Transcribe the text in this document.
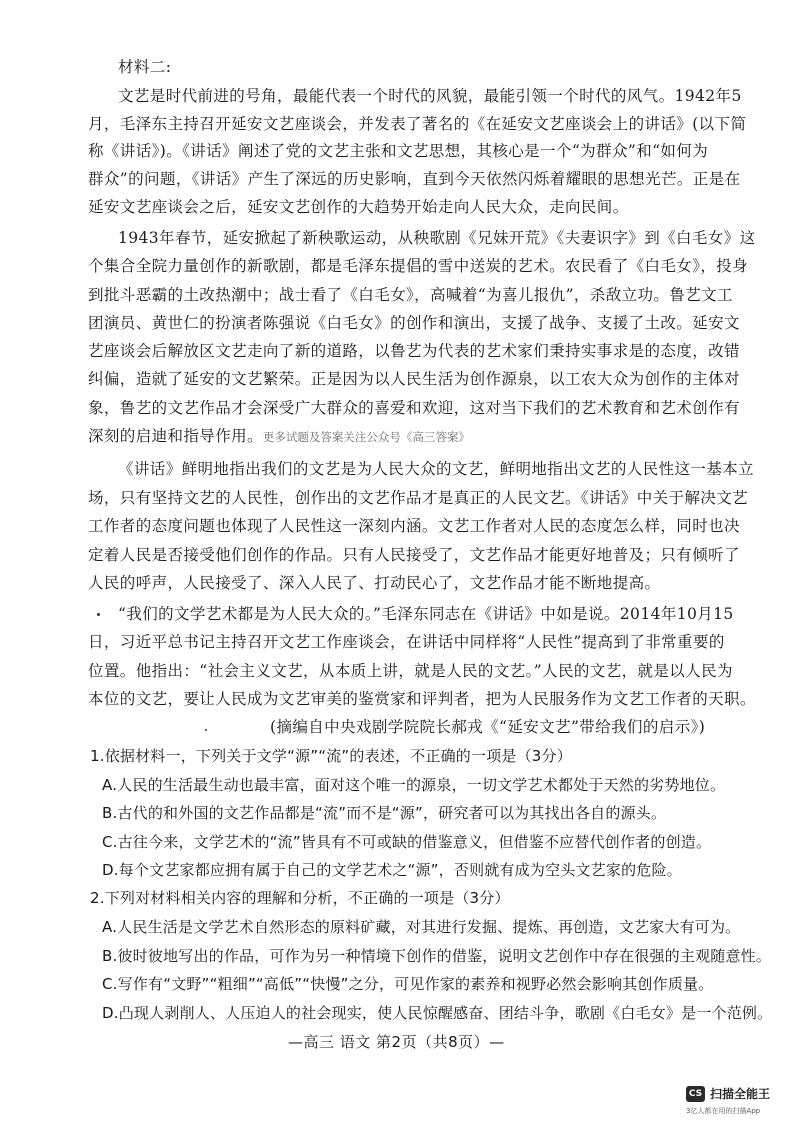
材料二:
文艺是时代前进的号角，最能代表一个时代的风貌，最能引领一个时代的风气。1942年5
月，毛泽东主持召开延安文艺座谈会，并发表了著名的《在延安文艺座谈会上的讲话》(以下简
称《讲话》)。《讲话》阐述了党的文艺主张和文艺思想，其核心是一个“为群众”和“如何为
群众”的问题，《讲话》产生了深远的历史影响，直到今天依然闪烁着耀眼的思想光芒。正是在
延安文艺座谈会之后，延安文艺创作的大趋势开始走向人民大众，走向民间。
1943年春节，延安掀起了新秧歌运动，从秧歌剧《兄妹开荒》《夫妻识字》到《白毛女》这
个集合全院力量创作的新歌剧，都是毛泽东提倡的雪中送炭的艺术。农民看了《白毛女》，投身
到批斗恶霸的土改热潮中；战士看了《白毛女》，高喊着“为喜儿报仇”，杀敌立功。鲁艺文工
团演员、黄世仁的扮演者陈强说《白毛女》的创作和演出，支援了战争、支援了土改。延安文
艺座谈会后解放区文艺走向了新的道路，以鲁艺为代表的艺术家们秉持实事求是的态度，改错
纠偏，造就了延安的文艺繁荣。正是因为以人民生活为创作源泉，以工农大众为创作的主体对
象，鲁艺的文艺作品才会深受广大群众的喜爱和欢迎，这对当下我们的艺术教育和艺术创作有
深刻的启迪和指导作用。更多试题及答案关注公众号《高三答案》
《讲话》鲜明地指出我们的文艺是为人民大众的文艺，鲜明地指出文艺的人民性这一基本立
场，只有坚持文艺的人民性，创作出的文艺作品才是真正的人民文艺。《讲话》中关于解决文艺
工作者的态度问题也体现了人民性这一深刻内涵。文艺工作者对人民的态度怎么样，同时也决
定着人民是否接受他们创作的作品。只有人民接受了，文艺作品才能更好地普及；只有倾听了
人民的呼声，人民接受了、深入人民了、打动民心了，文艺作品才能不断地提高。
“我们的文学艺术都是为人民大众的。”毛泽东同志在《讲话》中如是说。2014年10月15
日，习近平总书记主持召开文艺工作座谈会，在讲话中同样将“人民性”提高到了非常重要的
位置。他指出：“社会主义文艺，从本质上讲，就是人民的文艺。”人民的文艺，就是以人民为
本位的文艺，要让人民成为文艺审美的鉴赏家和评判者，把为人民服务作为文艺工作者的天职。
(摘编自中央戏剧学院院长郝戎《“延安文艺”带给我们的启示》)
1.依据材料一，下列关于文学“源”“流”的表述，不正确的一项是（3分）
A.人民的生活最生动也最丰富，面对这个唯一的源泉，一切文学艺术都处于天然的劣势地位。
B.古代的和外国的文艺作品都是“流”而不是“源”，研究者可以为其找出各自的源头。
C.古往今来，文学艺术的“流”皆具有不可或缺的借鉴意义，但借鉴不应替代创作者的创造。
D.每个文艺家都应拥有属于自己的文学艺术之“源”，否则就有成为空头文艺家的危险。
2.下列对材料相关内容的理解和分析，不正确的一项是（3分）
A.人民生活是文学艺术自然形态的原料矿藏，对其进行发掘、提炼、再创造，文艺家大有可为。
B.彼时彼地写出的作品，可作为另一种情境下创作的借鉴，说明文艺创作中存在很强的主观随意性。
C.写作有“文野”“粗细”“高低”“快慢”之分，可见作家的素养和视野必然会影响其创作质量。
D.凸现人剥削人、人压迫人的社会现实，使人民惊醒感奋、团结斗争，歌剧《白毛女》是一个范例。
—高三 语文 第2页（共8页）—
CS 扫描全能王
3亿人都在用的扫描App
